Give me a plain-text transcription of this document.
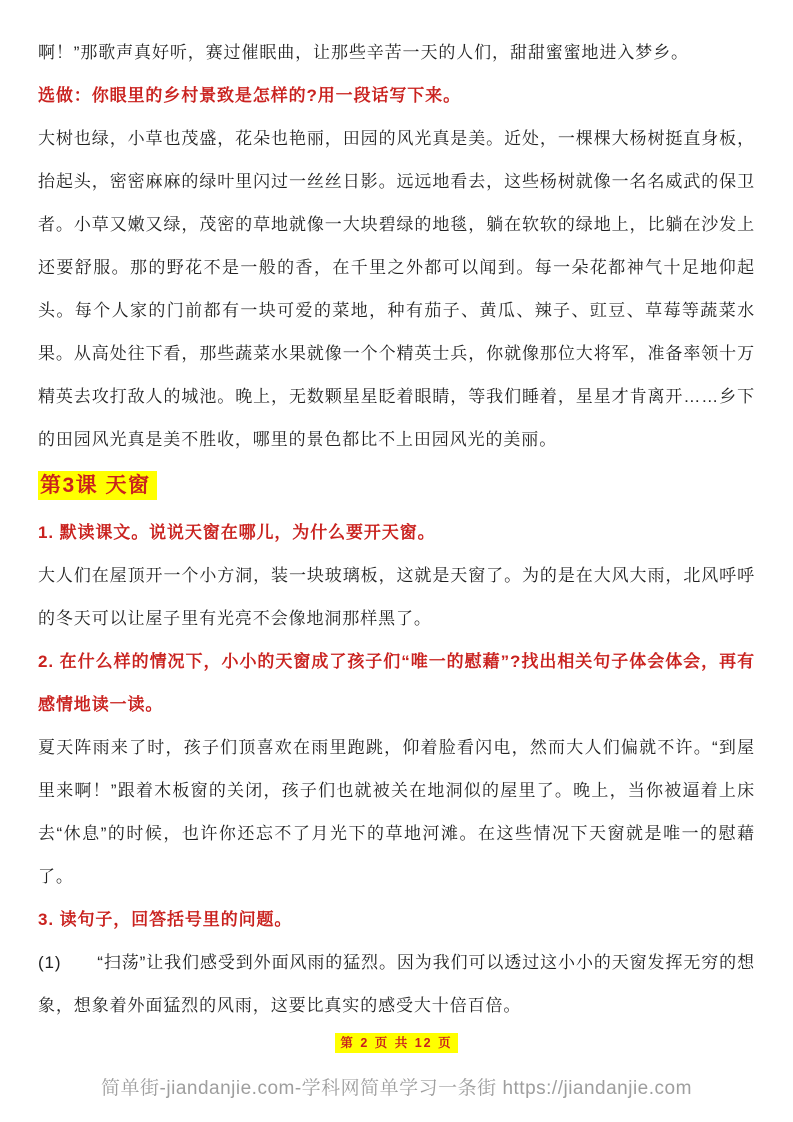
啊！”那歌声真好听，赛过催眠曲，让那些辛苦一天的人们，甜甜蜜蜜地进入梦乡。

选做：你眼里的乡村景致是怎样的?用一段话写下来。

大树也绿，小草也茂盛，花朵也艳丽，田园的风光真是美。近处，一棵棵大杨树挺直身板，抬起头，密密麻麻的绿叶里闪过一丝丝日影。远远地看去，这些杨树就像一名名威武的保卫者。小草又嫩又绿，茂密的草地就像一大块碧绿的地毯，躺在软软的绿地上，比躺在沙发上还要舒服。那的野花不是一般的香，在千里之外都可以闻到。每一朵花都神气十足地仰起头。每个人家的门前都有一块可爱的菜地，种有茄子、黄瓜、辣子、豇豆、草莓等蔬菜水果。从高处往下看，那些蔬菜水果就像一个个精英士兵，你就像那位大将军，准备率领十万精英去攻打敌人的城池。晚上，无数颗星星眨着眼睛，等我们睡着，星星才肯离开……乡下的田园风光真是美不胜收，哪里的景色都比不上田园风光的美丽。

第3课 天窗

1. 默读课文。说说天窗在哪儿，为什么要开天窗。

大人们在屋顶开一个小方洞，装一块玻璃板，这就是天窗了。为的是在大风大雨，北风呼呼的冬天可以让屋子里有光亮不会像地洞那样黑了。

2. 在什么样的情况下，小小的天窗成了孩子们“唯一的慰藉”?找出相关句子体会体会，再有感情地读一读。

夏天阵雨来了时，孩子们顶喜欢在雨里跑跳，仰着脸看闪电，然而大人们偏就不许。“到屋里来啊！”跟着木板窗的关闭，孩子们也就被关在地洞似的屋里了。晚上，当你被逼着上床去“休息”的时候，也许你还忘不了月光下的草地河滩。在这些情况下天窗就是唯一的慰藉了。

3. 读句子，回答括号里的问题。

(1)　　“扫荡”让我们感受到外面风雨的猛烈。因为我们可以透过这小小的天窗发挥无穷的想象，想象着外面猛烈的风雨，这要比真实的感受大十倍百倍。

第 2 页 共 12 页
简单街-jiandanjie.com-学科网简单学习一条街 https://jiandanjie.com
